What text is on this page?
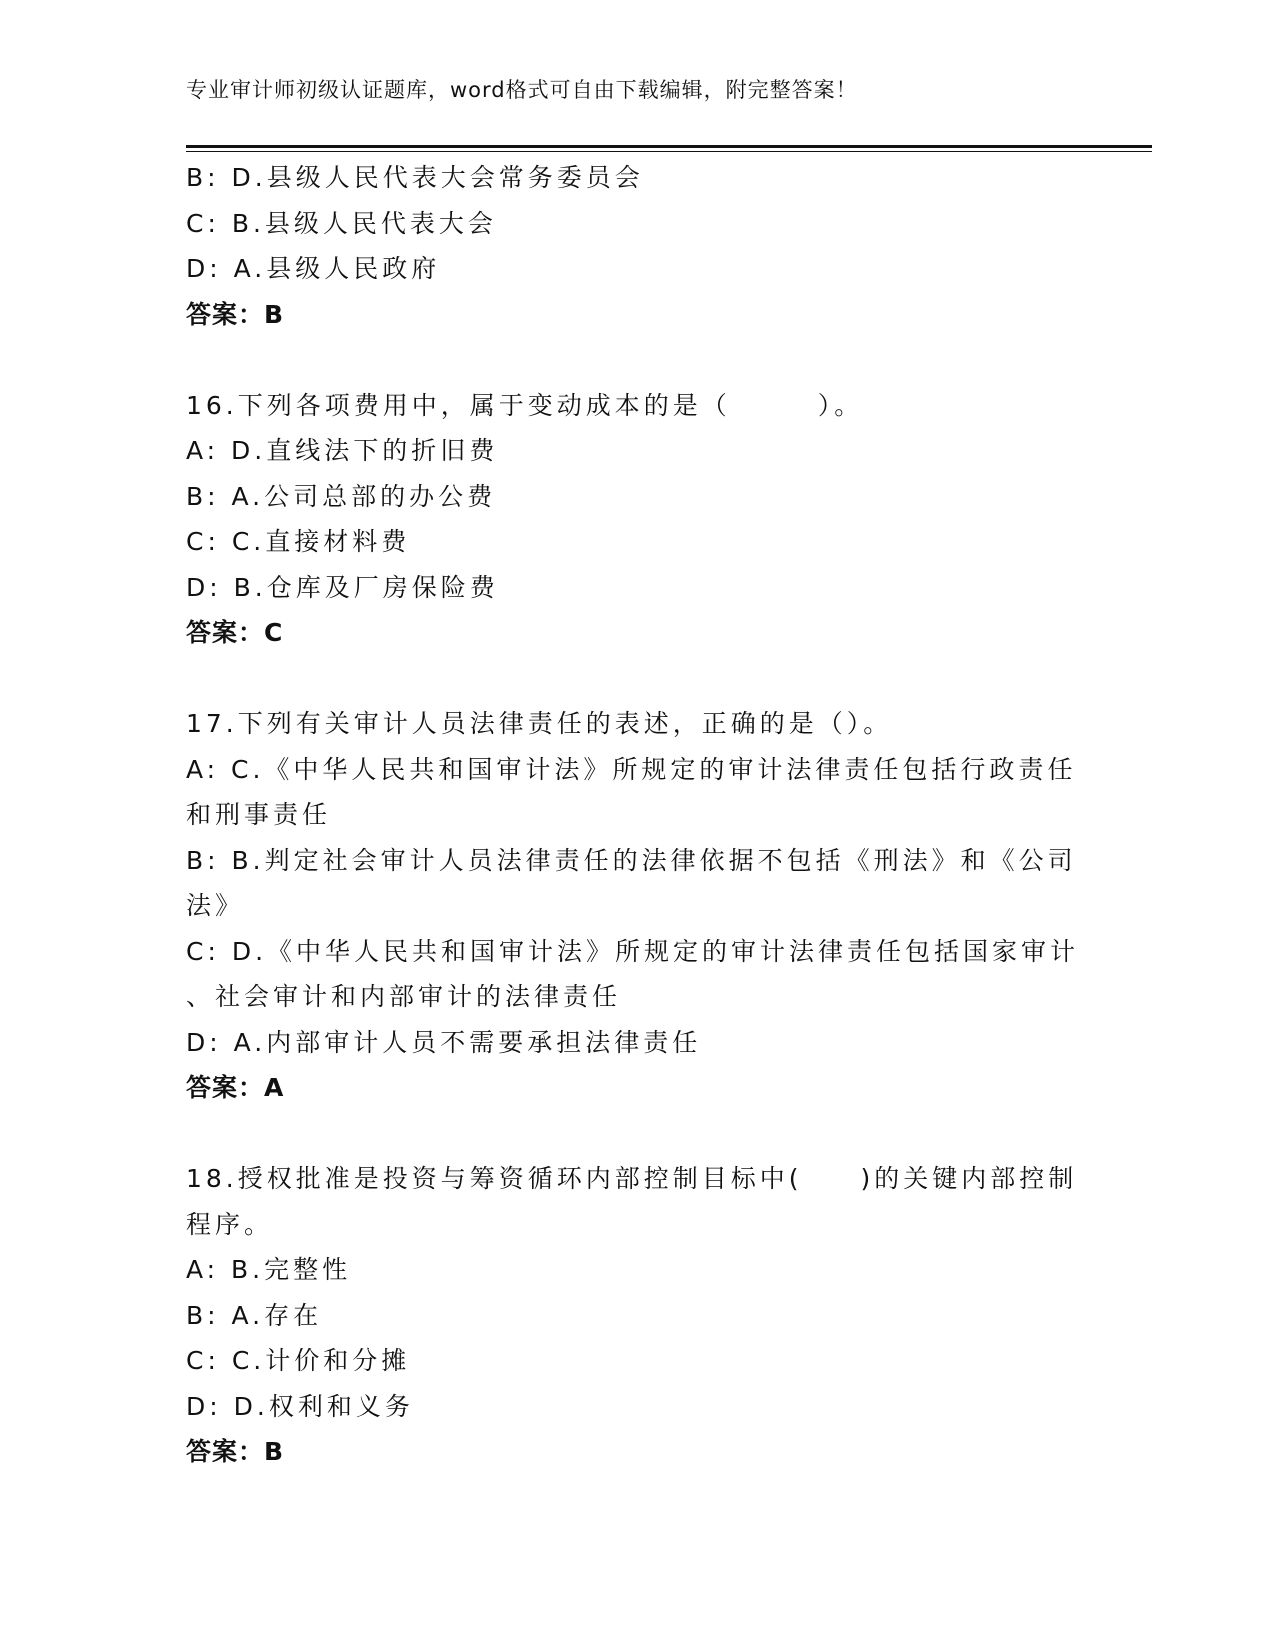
专业审计师初级认证题库，word格式可自由下载编辑，附完整答案！
B: D.县级人民代表大会常务委员会
C: B.县级人民代表大会
D: A.县级人民政府
答案：B
16.下列各项费用中，属于变动成本的是（　　　）。
A: D.直线法下的折旧费
B: A.公司总部的办公费
C: C.直接材料费
D: B.仓库及厂房保险费
答案：C
17.下列有关审计人员法律责任的表述，正确的是（）。
A: C.《中华人民共和国审计法》所规定的审计法律责任包括行政责任
和刑事责任
B: B.判定社会审计人员法律责任的法律依据不包括《刑法》和《公司
法》
C: D.《中华人民共和国审计法》所规定的审计法律责任包括国家审计
、社会审计和内部审计的法律责任
D: A.内部审计人员不需要承担法律责任
答案：A
18.授权批准是投资与筹资循环内部控制目标中(　　)的关键内部控制
程序。
A: B.完整性
B: A.存在
C: C.计价和分摊
D: D.权利和义务
答案：B
